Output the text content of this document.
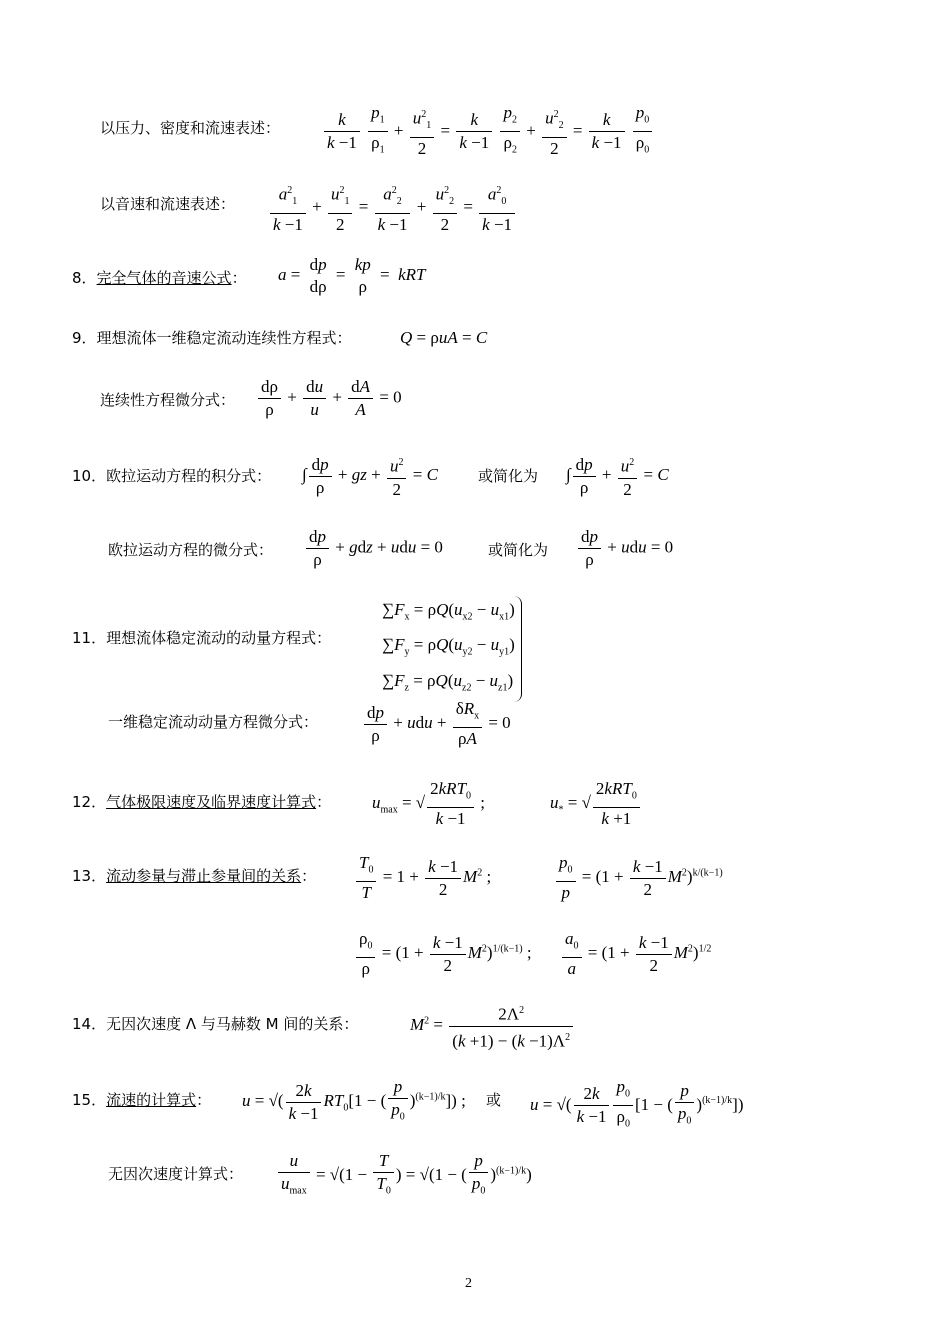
以压力、密度和流速表述：	$\frac{k}{k -1}$
$\frac{p_1}{\rho_1} + \frac{u^2_1}{2} = \frac{k}{k -1}$
$\frac{p_2}{\rho_2} + \frac{u^2_2}{2} = \frac{k}{k -1}$
$\frac{p_0}{\rho_0}$
以音速和流速表述： $\frac{a^2_1}{k -1} + \frac{u^2_1}{2} = \frac{a^2_2}{k -1} + \frac{u^2_2}{2} = \frac{a^2_0}{k -1}$
8．完全气体的音速公式： a =
dp
dρ
=
kp
ρ
=  kRT
9．理想流体一维稳定流动连续性方程式：	Q = ρuA = C
连续性方程微分式： $\frac{d\rho}{\rho} + \frac{du}{u} + \frac{dA}{A} = 0$
10．欧拉运动方程的积分式： ∫ $\frac{dp}{\rho}$ + gz + $\frac{u^2}{2} = C$	或简化为 ∫ $\frac{dp}{\rho} + \frac{u^2}{2} = C$
欧拉运动方程的微分式： $\frac{dp}{\rho}$ + gdz + udu = 0	或简化为 $\frac{dp}{\rho}$ + udu = 0
11．理想流体稳定流动的动量方程式：
$\sum F_x = \rho Q(u_{x2} - u_{x1})$
$\sum F_y = \rho Q(u_{y2} - u_{y1})$
$\sum F_z = \rho Q(u_{z2} - u_{z1})$
一维稳定流动动量方程微分式：	$\frac{dp}{\rho}$ + udu + $\frac{\delta R_x}{\rho A} = 0$
12．气体极限速度及临界速度计算式： $u_{max}$ = √ $\frac{2kRT_0}{k -1}$ ;	$u_*$ = √ $\frac{2kRT_0}{k +1}$
13．流动参量与滞止参量间的关系： $\frac{T_0}{T} = 1 + \frac{k -1}{2} M^2$ ;	$\frac{p_0}{p} = (1 + \frac{k -1}{2} M^2)^{k/(k-1)}$
$\frac{\rho_0}{\rho} = (1 + \frac{k -1}{2} M^2)^{1/(k-1)}$ ; $\frac{a_0}{a} = (1 + \frac{k -1}{2} M^2)^{1/2}$
14．无因次速度 Λ 与马赫数 M 间的关系：	$M^2 = \frac{2\Lambda^2}{(k +1) - (k -1)\Lambda^2}$
15．流速的计算式： u = √( $\frac{2k}{k -1} RT_0[1$ − ( $\frac{p}{p_0} )^{(k-1)/k}$]) ; 或 u = √( $\frac{2k}{k -1} \frac{p_0}{\rho_0} [1$ − ( $\frac{p}{p_0} )^{(k-1)/k}$])
无因次速度计算式： $\frac{u}{u_{max}} = √(1 - \frac{T}{T_0}$ ) = √(1 − ( $\frac{p}{p_0} )^{(k-1)/k}$)
2
